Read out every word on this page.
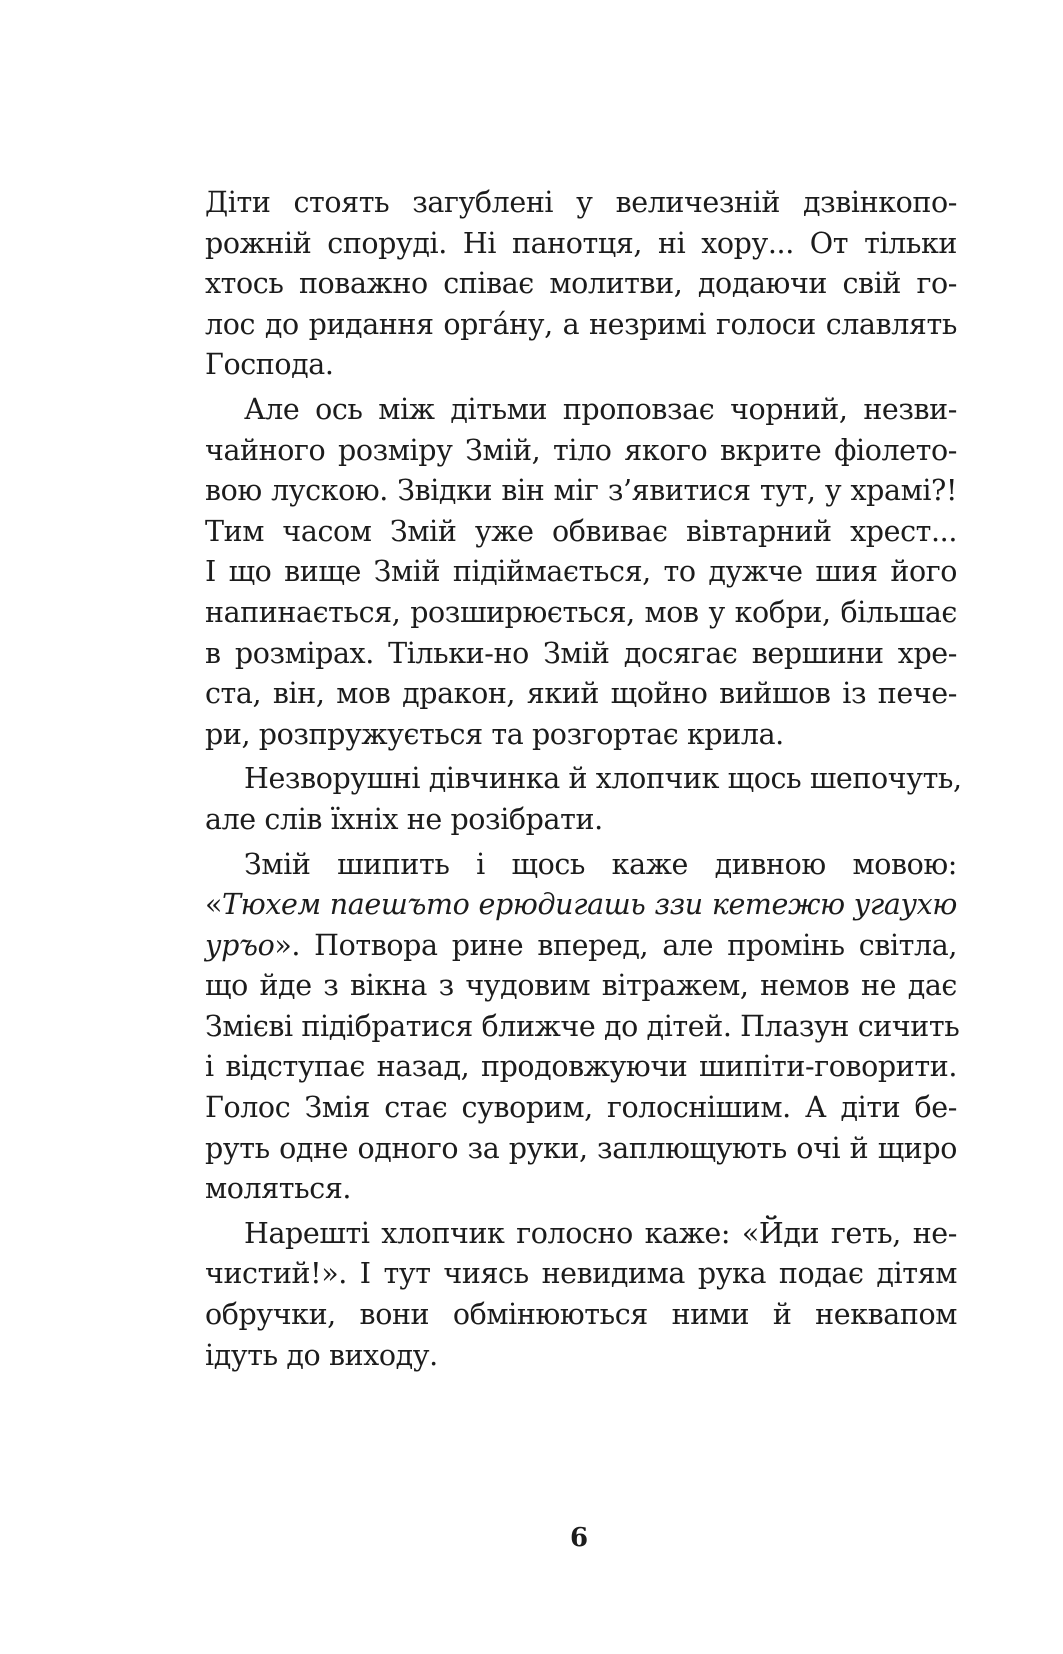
Діти стоять загублені у величезній дзвінкопо-
рожній споруді. Ні панотця, ні хору... От тільки
хтось поважно співає молитви, додаючи свій го-
лос до ридання оргáну, а незримі голоси славлять
Господа.
Але ось між дітьми проповзає чорний, незви-
чайного розміру Змій, тіло якого вкрите фіолето-
вою лускою. Звідки він міг з’явитися тут, у храмі?!
Тим часом Змій уже обвиває вівтарний хрест...
І що вище Змій підіймається, то дужче шия його
напинається, розширюється, мов у кобри, більшає
в розмірах. Тільки-но Змій досягає вершини хре-
ста, він, мов дракон, який щойно вийшов із пече-
ри, розпружується та розгортає крила.
Незворушні дівчинка й хлопчик щось шепочуть,
але слів їхніх не розібрати.
Змій шипить і щось каже дивною мовою:
«Тюхем паешъто ерюдигашь ззи кетежю угаухю
уръо». Потвора рине вперед, але промінь світла,
що йде з вікна з чудовим вітражем, немов не дає
Змієві підібратися ближче до дітей. Плазун сичить
і відступає назад, продовжуючи шипіти-говорити.
Голос Змія стає суворим, голоснішим. А діти бе-
руть одне одного за руки, заплющують очі й щиро
моляться.
Нарешті хлопчик голосно каже: «Йди геть, не-
чистий!». І тут чиясь невидима рука подає дітям
обручки, вони обмінюються ними й неквапом
ідуть до виходу.
6
